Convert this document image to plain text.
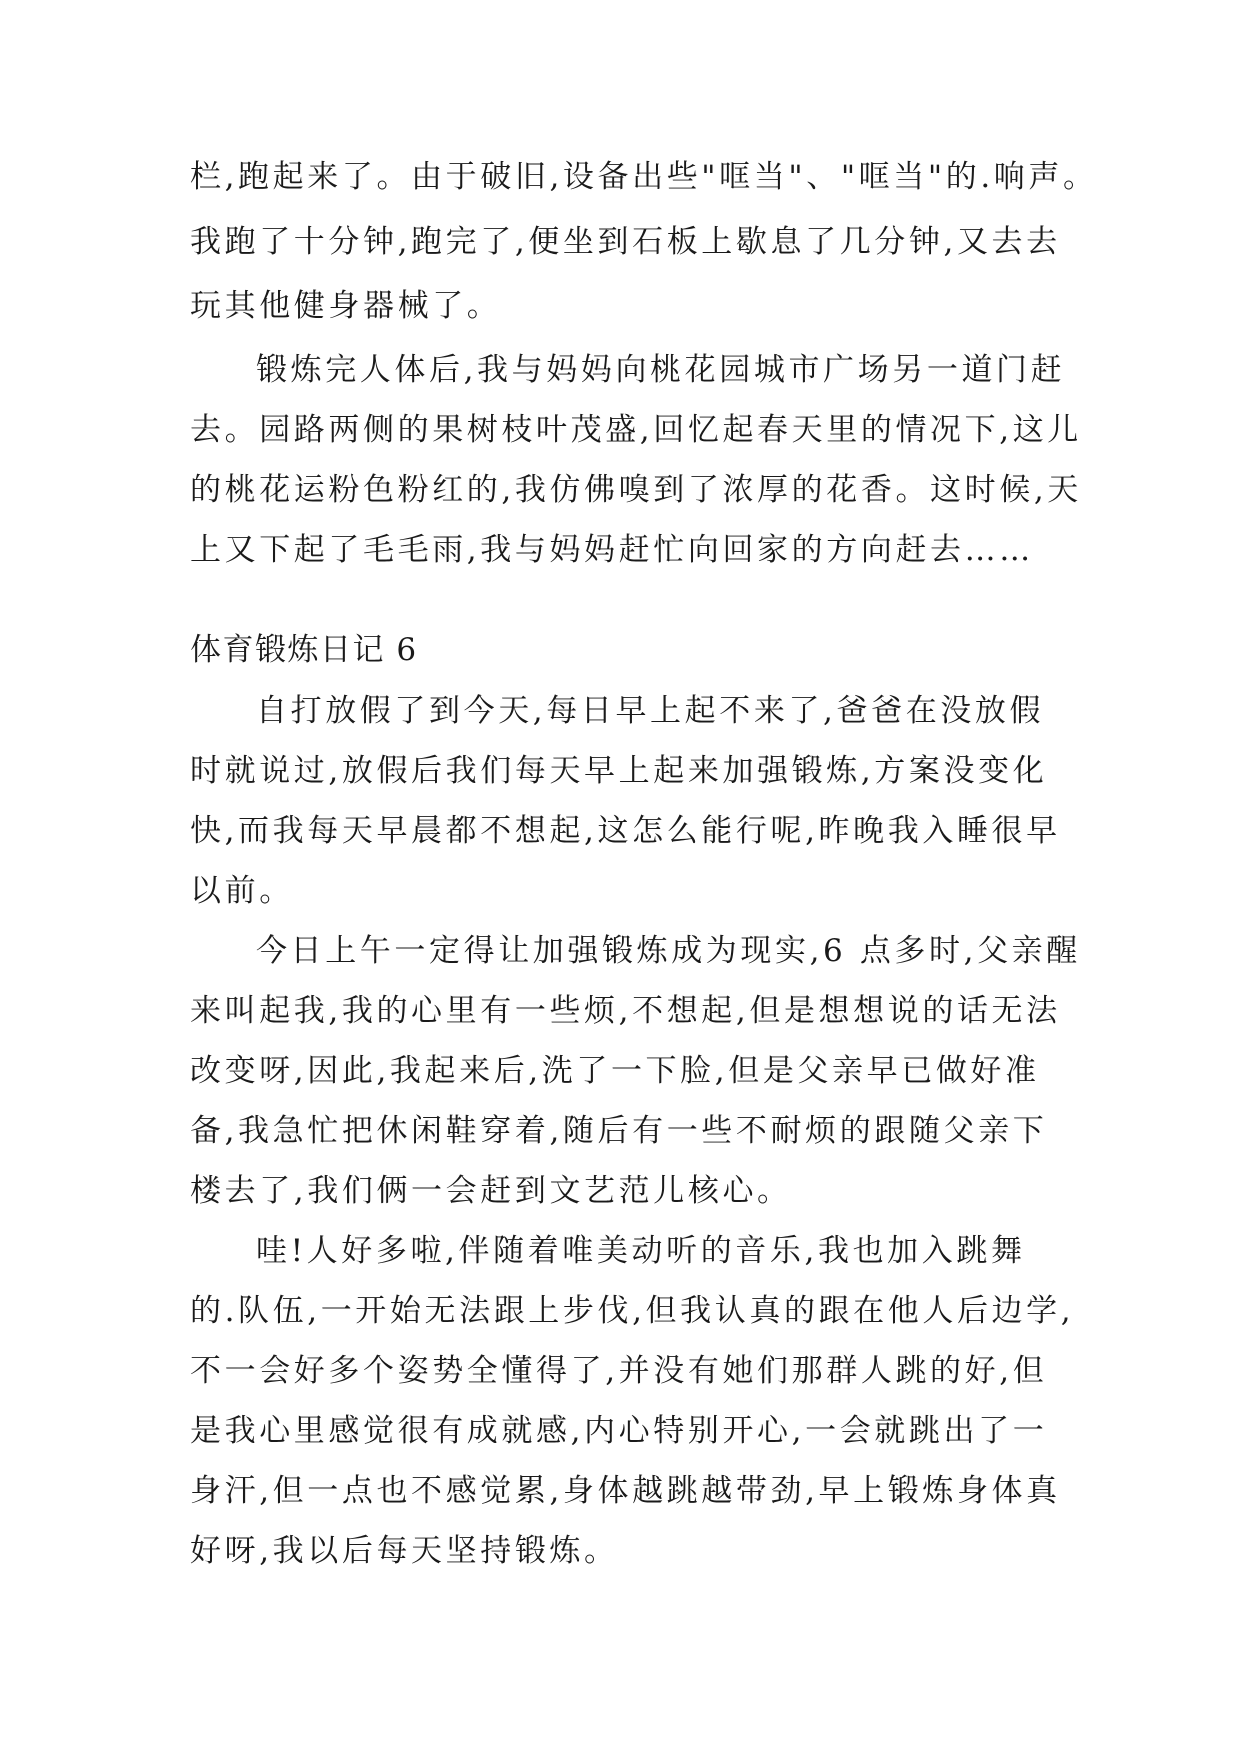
栏,跑起来了。由于破旧,设备出些"哐当"、"哐当"的.响声。
我跑了十分钟,跑完了,便坐到石板上歇息了几分钟,又去去
玩其他健身器械了。
锻炼完人体后,我与妈妈向桃花园城市广场另一道门赶
去。园路两侧的果树枝叶茂盛,回忆起春天里的情况下,这儿
的桃花运粉色粉红的,我仿佛嗅到了浓厚的花香。这时候,天
上又下起了毛毛雨,我与妈妈赶忙向回家的方向赶去……
体育锻炼日记 6
自打放假了到今天,每日早上起不来了,爸爸在没放假
时就说过,放假后我们每天早上起来加强锻炼,方案没变化
快,而我每天早晨都不想起,这怎么能行呢,昨晚我入睡很早
以前。
今日上午一定得让加强锻炼成为现实,6 点多时,父亲醒
来叫起我,我的心里有一些烦,不想起,但是想想说的话无法
改变呀,因此,我起来后,洗了一下脸,但是父亲早已做好准
备,我急忙把休闲鞋穿着,随后有一些不耐烦的跟随父亲下
楼去了,我们俩一会赶到文艺范儿核心。
哇!人好多啦,伴随着唯美动听的音乐,我也加入跳舞
的.队伍,一开始无法跟上步伐,但我认真的跟在他人后边学,
不一会好多个姿势全懂得了,并没有她们那群人跳的好,但
是我心里感觉很有成就感,内心特别开心,一会就跳出了一
身汗,但一点也不感觉累,身体越跳越带劲,早上锻炼身体真
好呀,我以后每天坚持锻炼。
